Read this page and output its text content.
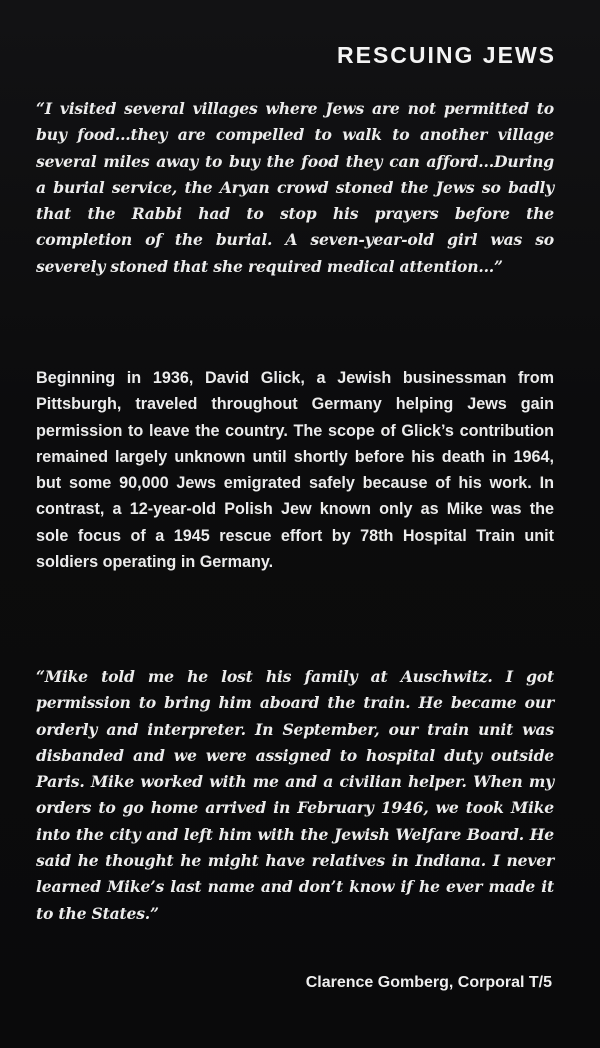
RESCUING JEWS
“I visited several villages where Jews are not permitted to buy food...they are compelled to walk to another village several miles away to buy the food they can afford...During a burial service, the Aryan crowd stoned the Jews so badly that the Rabbi had to stop his prayers before the completion of the burial. A seven-year-old girl was so severely stoned that she required medical attention...”
Beginning in 1936, David Glick, a Jewish businessman from Pittsburgh, traveled throughout Germany helping Jews gain permission to leave the country. The scope of Glick’s contribution remained largely unknown until shortly before his death in 1964, but some 90,000 Jews emigrated safely because of his work. In contrast, a 12-year-old Polish Jew known only as Mike was the sole focus of a 1945 rescue effort by 78th Hospital Train unit soldiers operating in Germany.
“Mike told me he lost his family at Auschwitz. I got permission to bring him aboard the train. He became our orderly and interpreter. In September, our train unit was disbanded and we were assigned to hospital duty outside Paris. Mike worked with me and a civilian helper. When my orders to go home arrived in February 1946, we took Mike into the city and left him with the Jewish Welfare Board. He said he thought he might have relatives in Indiana. I never learned Mike’s last name and don’t know if he ever made it to the States.”
Clarence Gomberg, Corporal T/5
